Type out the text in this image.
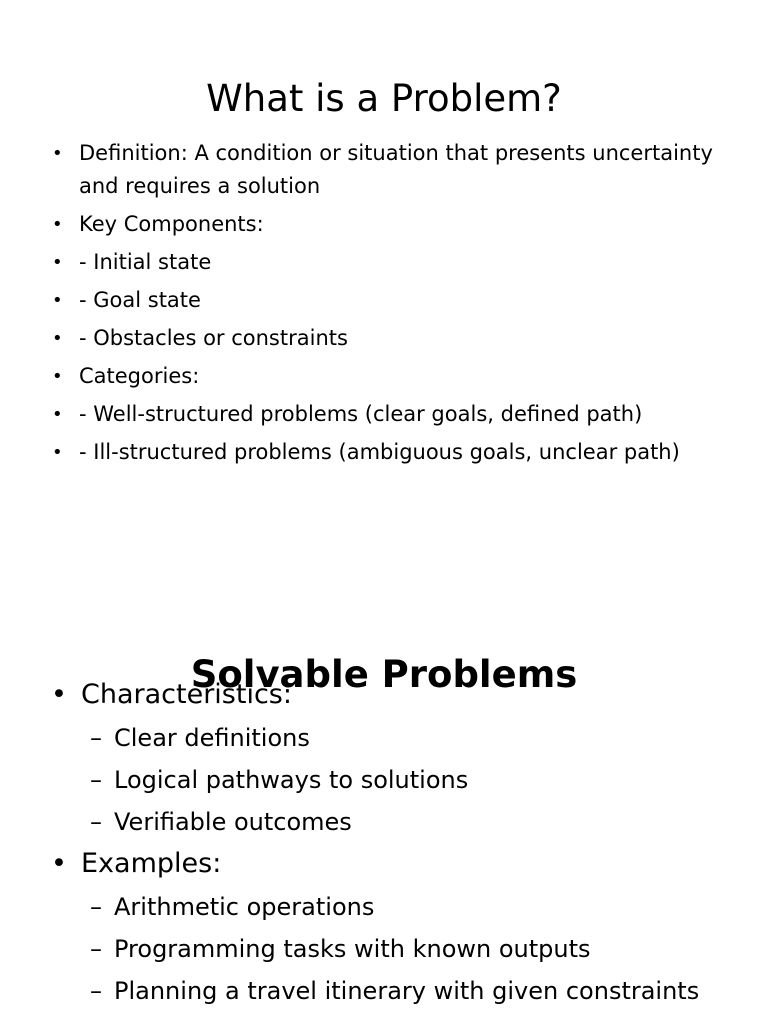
What is a Problem?
• Definition: A condition or situation that presents uncertainty and requires a solution
• Key Components:
• - Initial state
• - Goal state
• - Obstacles or constraints
• Categories:
• - Well-structured problems (clear goals, defined path)
• - Ill-structured problems (ambiguous goals, unclear path)
Solvable Problems
• Characteristics:
– Clear definitions
– Logical pathways to solutions
– Verifiable outcomes
• Examples:
– Arithmetic operations
– Programming tasks with known outputs
– Planning a travel itinerary with given constraints
